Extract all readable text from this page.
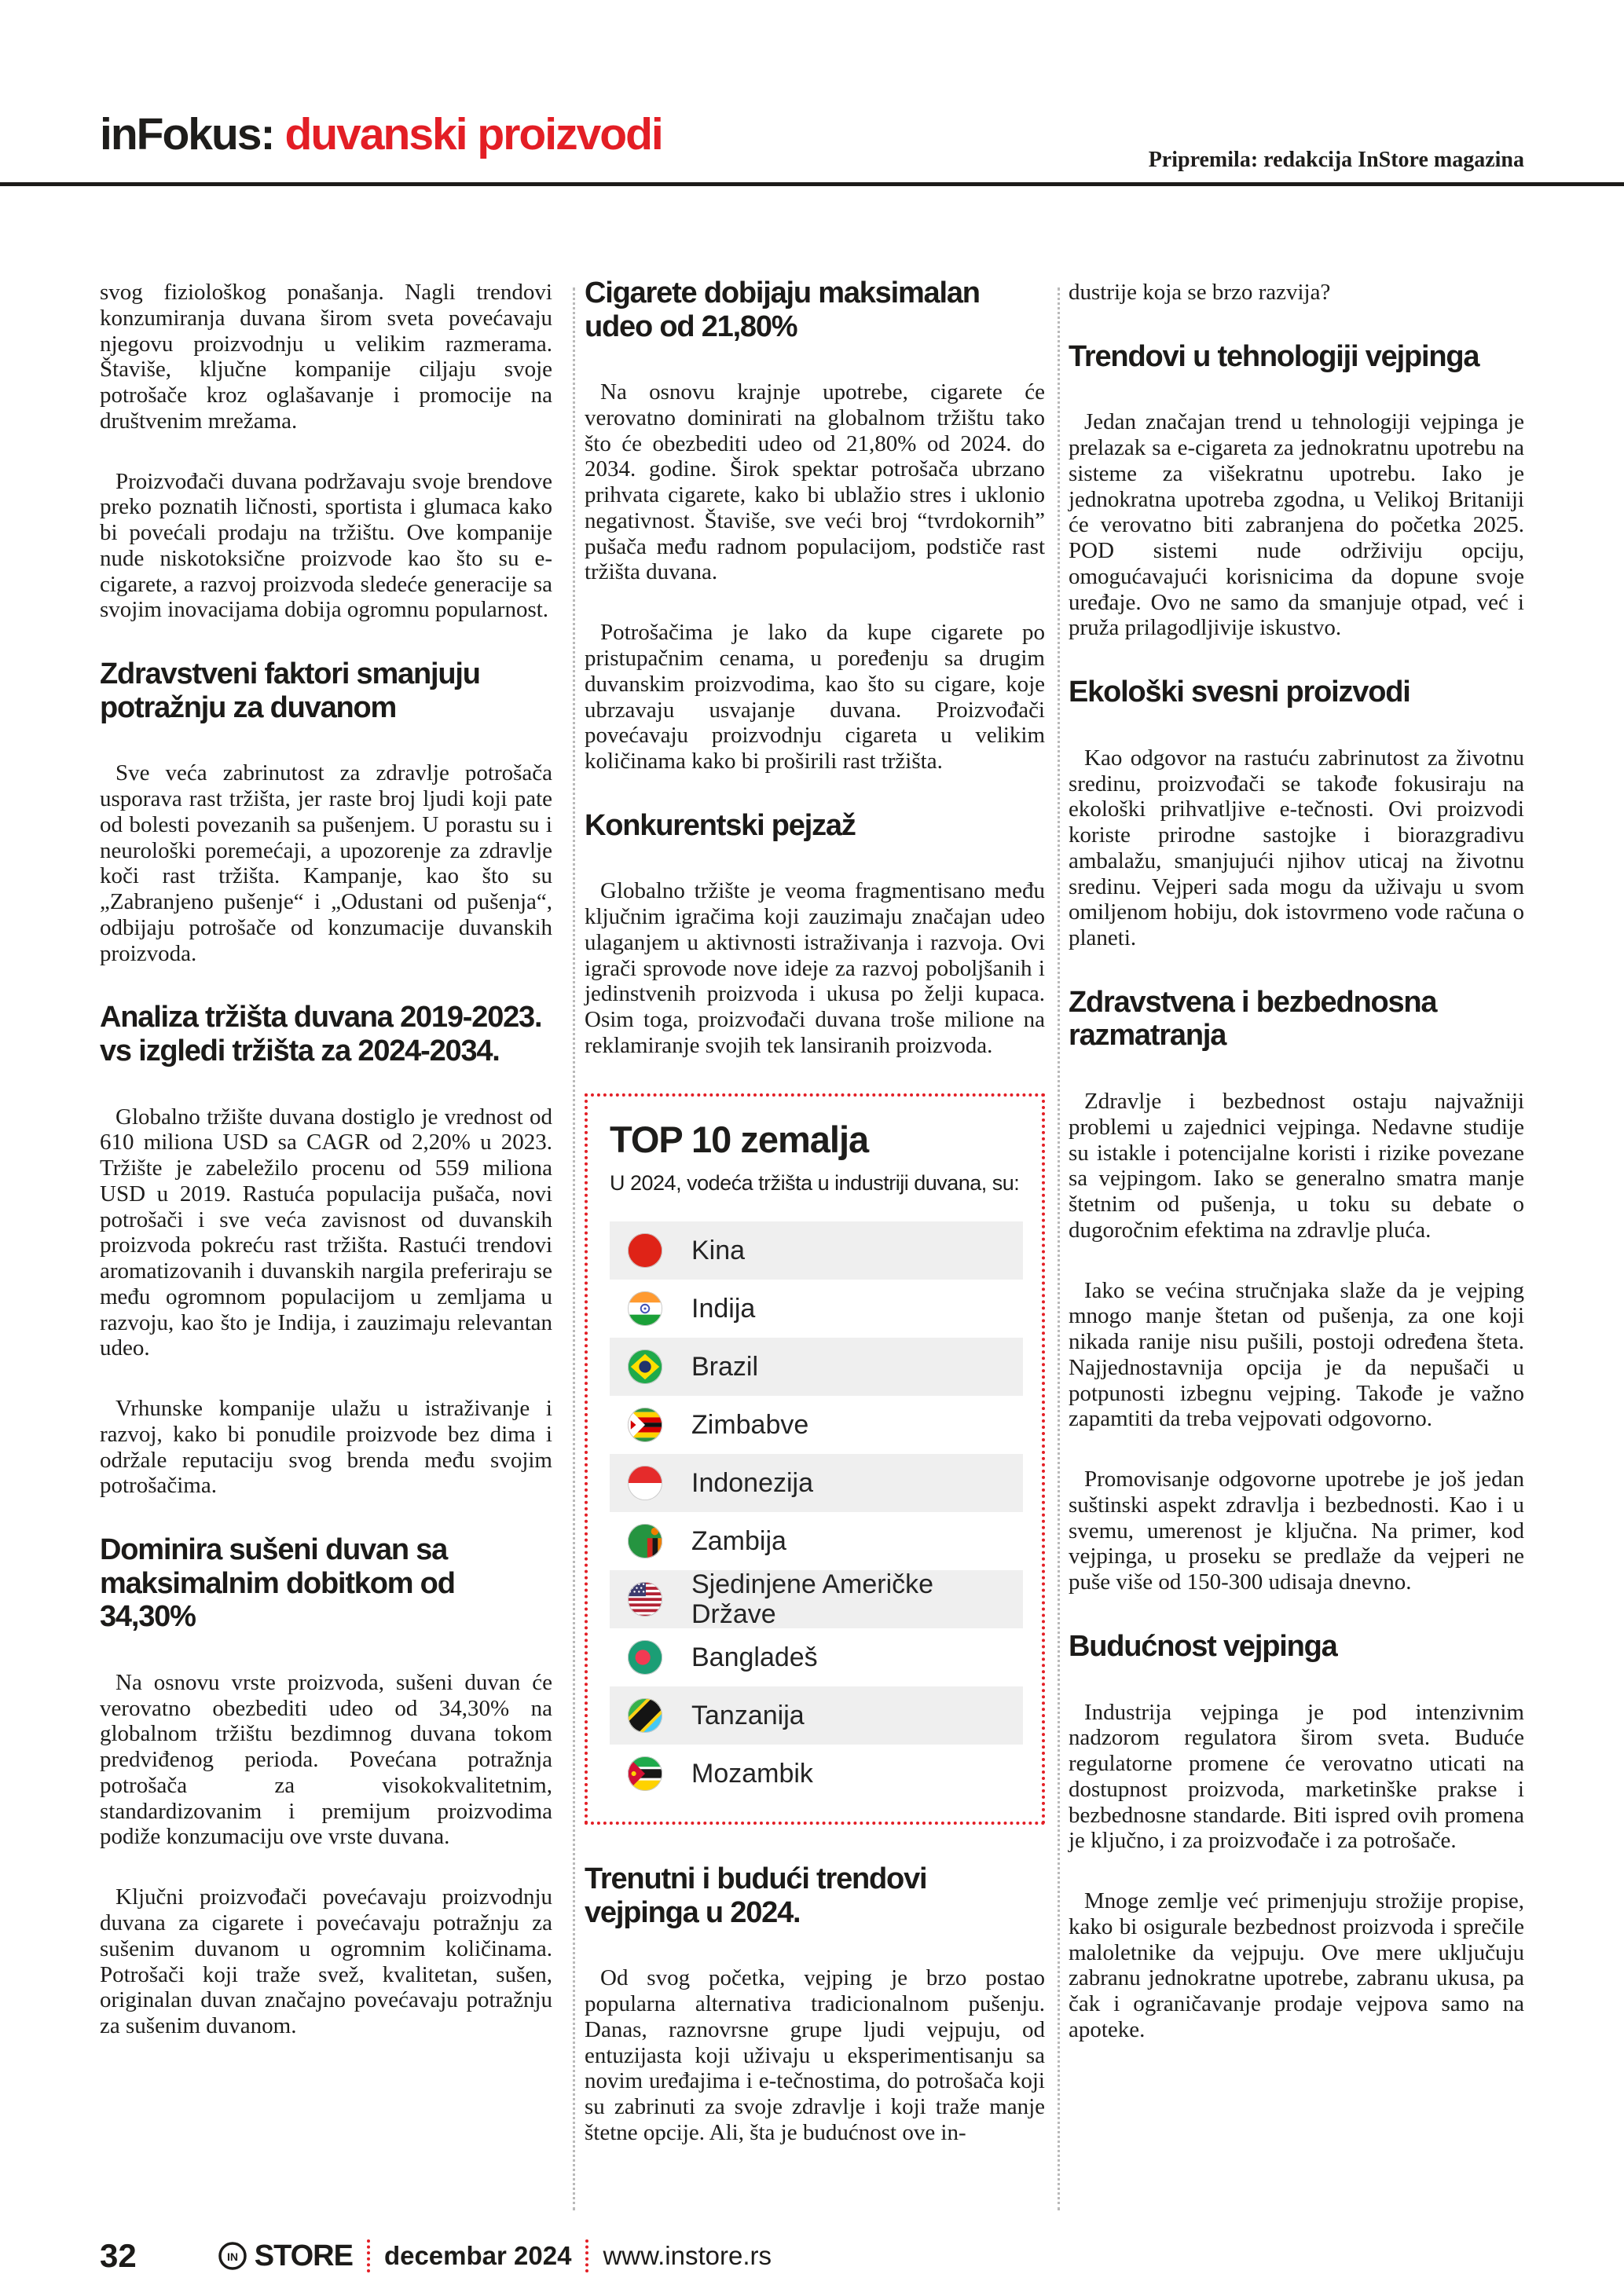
inFokus: duvanski proizvodi
Pripremila: redakcija InStore magazina

svog fiziološkog ponašanja. Nagli trendovi konzumiranja duvana širom sveta povećavaju njegovu proizvodnju u velikim razmerama. Štaviše, ključne kompanije ciljaju svoje potrošače kroz oglašavanje i promocije na društvenim mrežama.

Proizvođači duvana podržavaju svoje brendove preko poznatih ličnosti, sportista i glumaca kako bi povećali prodaju na tržištu. Ove kompanije nude niskotoksične proizvode kao što su e-cigarete, a razvoj proizvoda sledeće generacije sa svojim inovacijama dobija ogromnu popularnost.

Zdravstveni faktori smanjuju potražnju za duvanom

Sve veća zabrinutost za zdravlje potrošača usporava rast tržišta, jer raste broj ljudi koji pate od bolesti povezanih sa pušenjem. U porastu su i neurološki poremećaji, a upozorenje za zdravlje koči rast tržišta. Kampanje, kao što su „Zabranjeno pušenje“ i „Odustani od pušenja“, odbijaju potrošače od konzumacije duvanskih proizvoda.

Analiza tržišta duvana 2019-2023. vs izgledi tržišta za 2024-2034.

Globalno tržište duvana dostiglo je vrednost od 610 miliona USD sa CAGR od 2,20% u 2023. Tržište je zabeležilo procenu od 559 miliona USD u 2019. Rastuća populacija pušača, novi potrošači i sve veća zavisnost od duvanskih proizvoda pokreću rast tržišta. Rastući trendovi aromatizovanih i duvanskih nargila preferiraju se među ogromnom populacijom u zemljama u razvoju, kao što je Indija, i zauzimaju relevantan udeo.

Vrhunske kompanije ulažu u istraživanje i razvoj, kako bi ponudile proizvode bez dima i održale reputaciju svog brenda među svojim potrošačima.

Dominira sušeni duvan sa maksimalnim dobitkom od 34,30%

Na osnovu vrste proizvoda, sušeni duvan će verovatno obezbediti udeo od 34,30% na globalnom tržištu bezdimnog duvana tokom predviđenog perioda. Povećana potražnja potrošača za visokokvalitetnim, standardizovanim i premijum proizvodima podiže konzumaciju ove vrste duvana.

Ključni proizvođači povećavaju proizvodnju duvana za cigarete i povećavaju potražnju za sušenim duvanom u ogromnim količinama. Potrošači koji traže svež, kvalitetan, sušen, originalan duvan značajno povećavaju potražnju za sušenim duvanom.

Cigarete dobijaju maksimalan udeo od 21,80%

Na osnovu krajnje upotrebe, cigarete će verovatno dominirati na globalnom tržištu tako što će obezbediti udeo od 21,80% od 2024. do 2034. godine. Širok spektar potrošača ubrzano prihvata cigarete, kako bi ublažio stres i uklonio negativnost. Štaviše, sve veći broj “tvrdokornih” pušača među radnom populacijom, podstiče rast tržišta duvana.

Potrošačima je lako da kupe cigarete po pristupačnim cenama, u poređenju sa drugim duvanskim proizvodima, kao što su cigare, koje ubrzavaju usvajanje duvana. Proizvođači povećavaju proizvodnju cigareta u velikim količinama kako bi proširili rast tržišta.

Konkurentski pejzaž

Globalno tržište je veoma fragmentisano među ključnim igračima koji zauzimaju značajan udeo ulaganjem u aktivnosti istraživanja i razvoja. Ovi igrači sprovode nove ideje za razvoj poboljšanih i jedinstvenih proizvoda i ukusa po želji kupaca. Osim toga, proizvođači duvana troše milione na reklamiranje svojih tek lansiranih proizvoda.

TOP 10 zemalja
U 2024, vodeća tržišta u industriji duvana, su:
Kina
Indija
Brazil
Zimbabve
Indonezija
Zambija
Sjedinjene Američke Države
Bangladeš
Tanzanija
Mozambik
Trenutni i budući trendovi vejpinga u 2024.

Od svog početka, vejping je brzo postao popularna alternativa tradicionalnom pušenju. Danas, raznovrsne grupe ljudi vejpuju, od entuzijasta koji uživaju u eksperimentisanju sa novim uređajima i e-tečnostima, do potrošača koji su zabrinuti za svoje zdravlje i koji traže manje štetne opcije. Ali, šta je budućnost ove in-

dustrije koja se brzo razvija?

Trendovi u tehnologiji vejpinga

Jedan značajan trend u tehnologiji vejpinga je prelazak sa e-cigareta za jednokratnu upotrebu na sisteme za višekratnu upotrebu. Iako je jednokratna upotreba zgodna, u Velikoj Britaniji će verovatno biti zabranjena do početka 2025. POD sistemi nude održiviju opciju, omogućavajući korisnicima da dopune svoje uređaje. Ovo ne samo da smanjuje otpad, već i pruža prilagodljivije iskustvo.

Ekološki svesni proizvodi

Kao odgovor na rastuću zabrinutost za životnu sredinu, proizvođači se takođe fokusiraju na ekološki prihvatljive e-tečnosti. Ovi proizvodi koriste prirodne sastojke i biorazgradivu ambalažu, smanjujući njihov uticaj na životnu sredinu. Vejperi sada mogu da uživaju u svom omiljenom hobiju, dok istovrmeno vode računa o planeti.

Zdravstvena i bezbednosna razmatranja

Zdravlje i bezbednost ostaju najvažniji problemi u zajednici vejpinga. Nedavne studije su istakle i potencijalne koristi i rizike povezane sa vejpingom. Iako se generalno smatra manje štetnim od pušenja, u toku su debate o dugoročnim efektima na zdravlje pluća.

Iako se većina stručnjaka slaže da je vejping mnogo manje štetan od pušenja, za one koji nikada ranije nisu pušili, postoji određena šteta. Najjednostavnija opcija je da nepušači u potpunosti izbegnu vejping. Takođe je važno zapamtiti da treba vejpovati odgovorno.

Promovisanje odgovorne upotrebe je još jedan suštinski aspekt zdravlja i bezbednosti. Kao i u svemu, umerenost je ključna. Na primer, kod vejpinga, u proseku se predlaže da vejperi ne puše više od 150-300 udisaja dnevno.

Budućnost vejpinga

Industrija vejpinga je pod intenzivnim nadzorom regulatora širom sveta. Buduće regulatorne promene će verovatno uticati na dostupnost proizvoda, marketinške prakse i bezbednosne standarde. Biti ispred ovih promena je ključno, i za proizvođače i za potrošače.

Mnoge zemlje već primenjuju strožije propise, kako bi osigurale bezbednost proizvoda i sprečile maloletnike da vejpuju. Ove mere uključuju zabranu jednokratne upotrebe, zabranu ukusa, pa čak i ograničavanje prodaje vejpova samo na apoteke.

32	IN STORE decembar 2024 www.instore.rs
